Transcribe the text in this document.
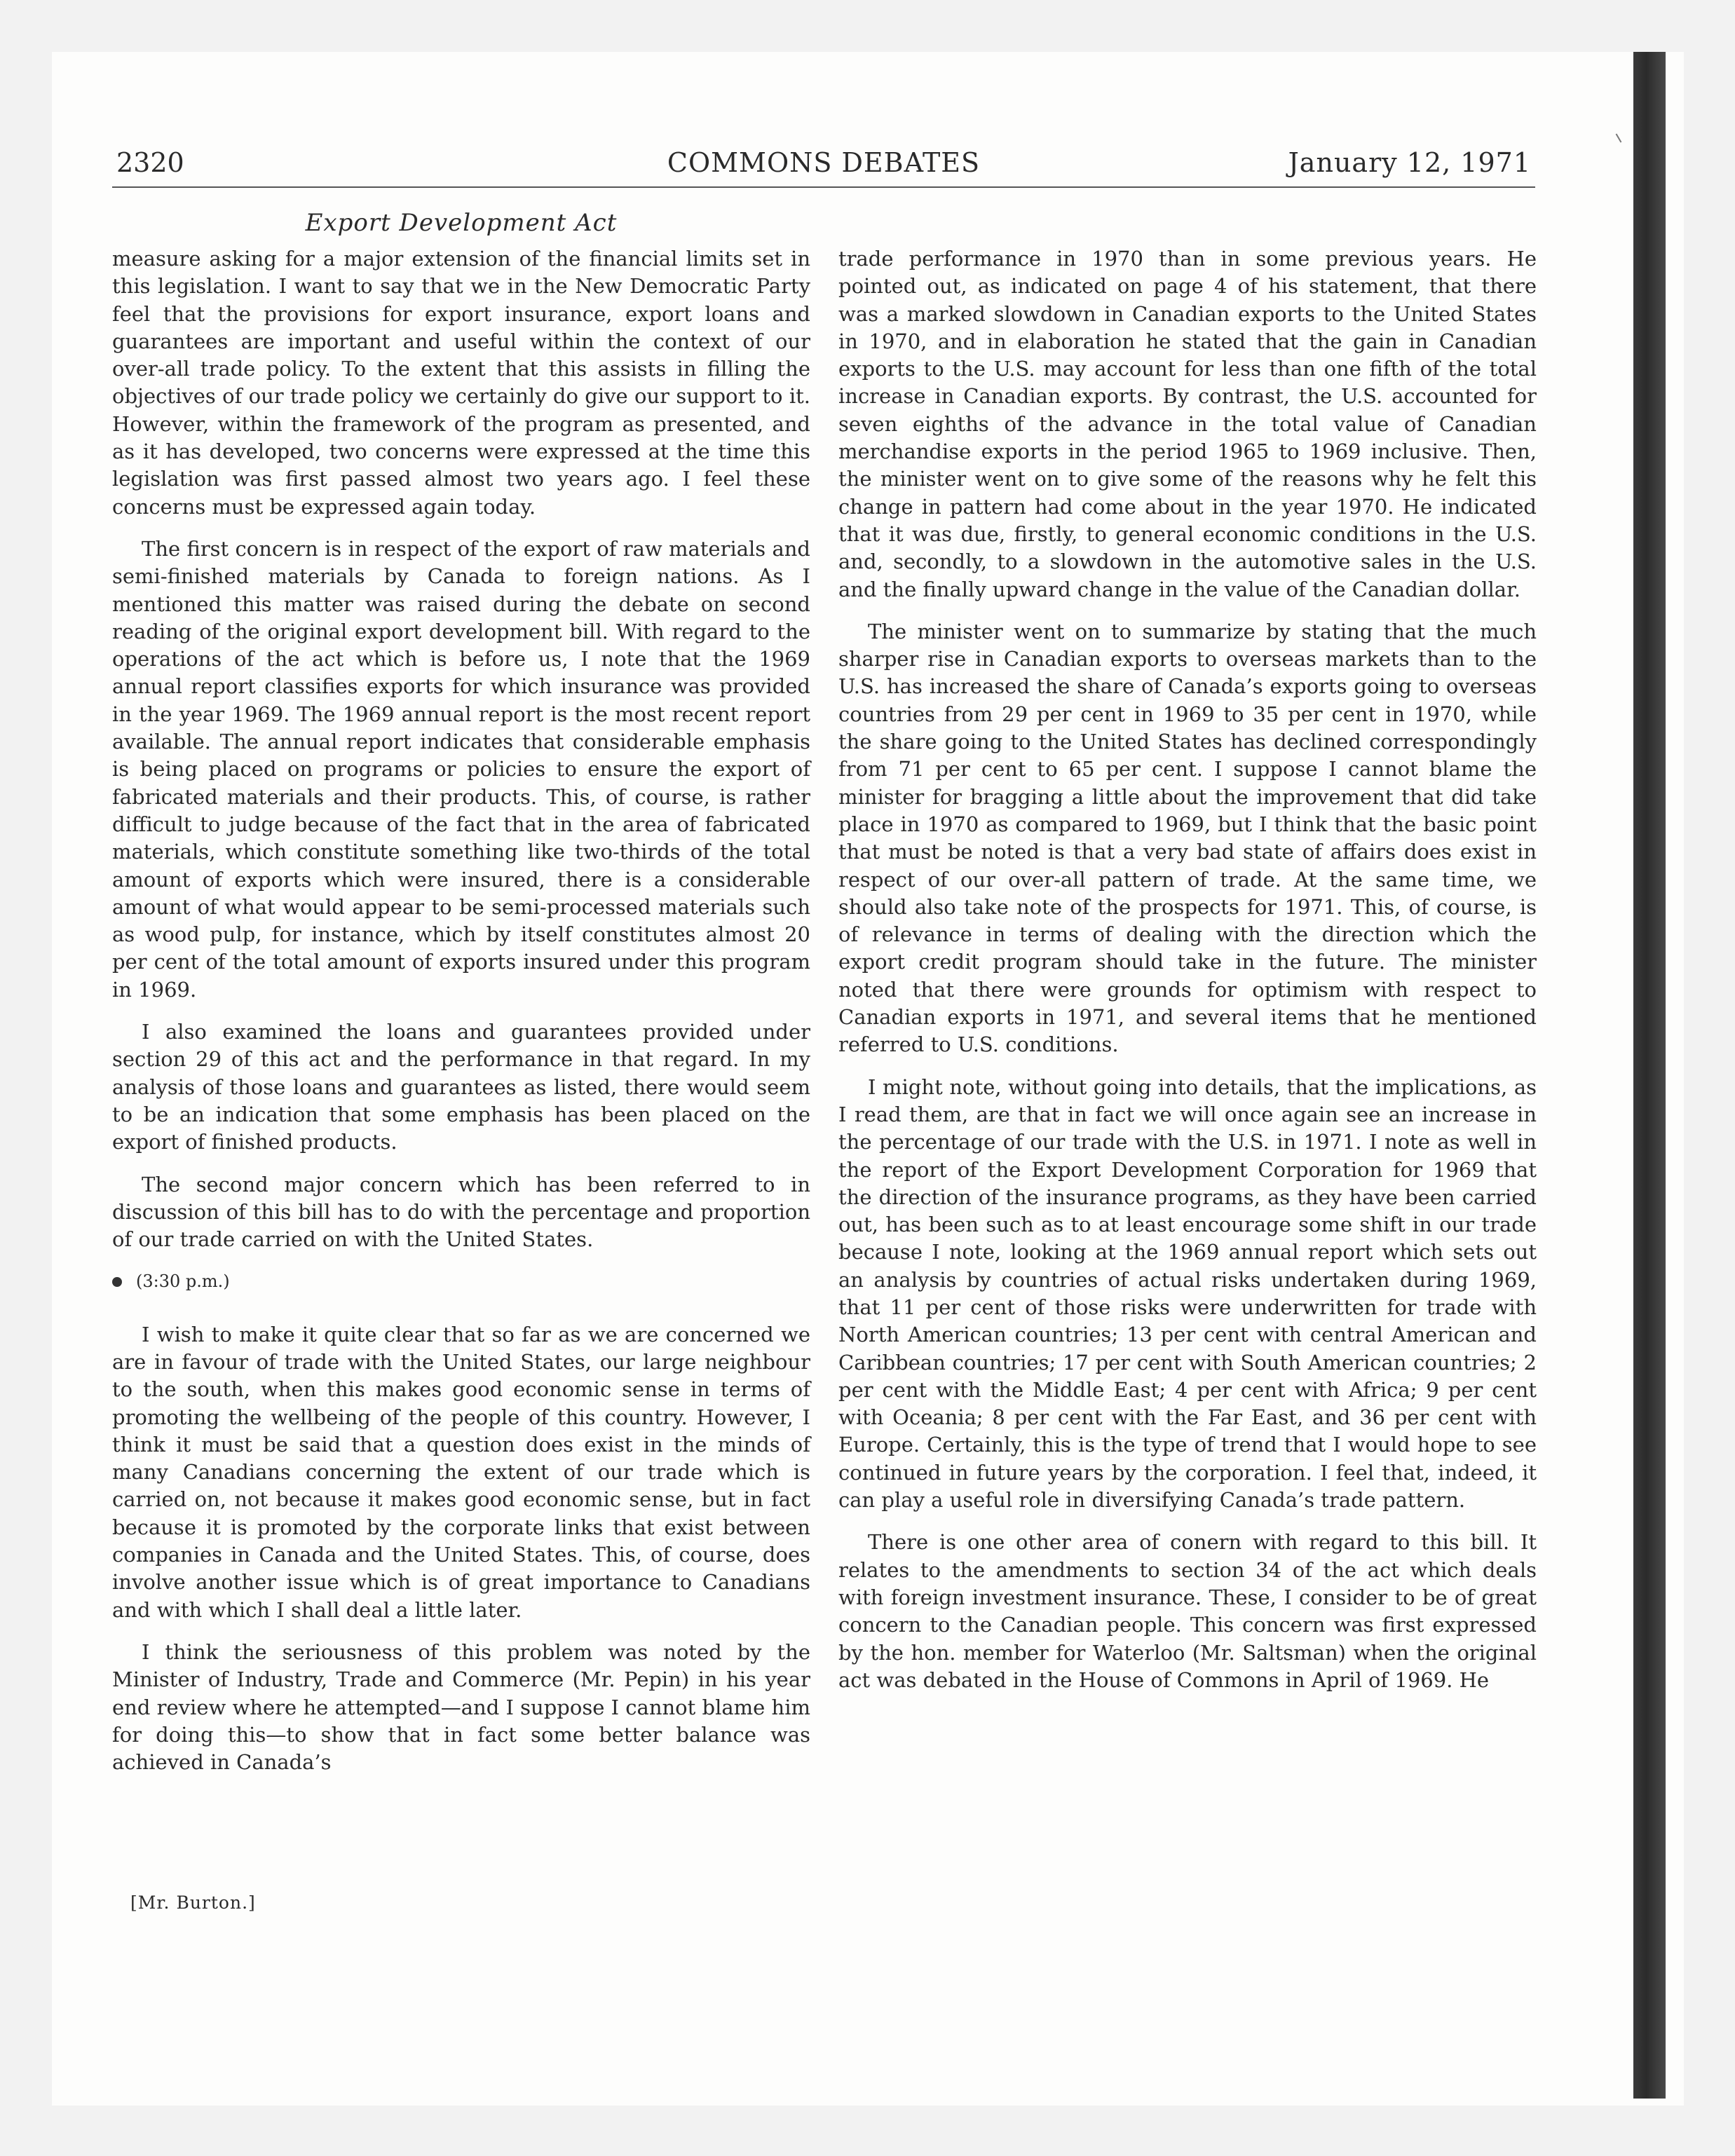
2320	COMMONS DEBATES	January 12, 1971
Export Development Act

measure asking for a major extension of the financial limits set in this legislation. I want to say that we in the New Democratic Party feel that the provisions for export insurance, export loans and guarantees are important and useful within the context of our over-all trade policy. To the extent that this assists in filling the objectives of our trade policy we certainly do give our support to it. However, within the framework of the program as presented, and as it has developed, two concerns were expressed at the time this legislation was first passed almost two years ago. I feel these concerns must be expressed again today.

The first concern is in respect of the export of raw materials and semi-finished materials by Canada to foreign nations. As I mentioned this matter was raised during the debate on second reading of the original export development bill. With regard to the operations of the act which is before us, I note that the 1969 annual report classifies exports for which insurance was provided in the year 1969. The 1969 annual report is the most recent report available. The annual report indicates that considerable emphasis is being placed on programs or policies to ensure the export of fabricated materials and their products. This, of course, is rather difficult to judge because of the fact that in the area of fabricated materials, which constitute something like two-thirds of the total amount of exports which were insured, there is a considerable amount of what would appear to be semi-processed materials such as wood pulp, for instance, which by itself constitutes almost 20 per cent of the total amount of exports insured under this program in 1969.

I also examined the loans and guarantees provided under section 29 of this act and the performance in that regard. In my analysis of those loans and guarantees as listed, there would seem to be an indication that some emphasis has been placed on the export of finished products.

The second major concern which has been referred to in discussion of this bill has to do with the percentage and proportion of our trade carried on with the United States.

(3:30 p.m.)

I wish to make it quite clear that so far as we are concerned we are in favour of trade with the United States, our large neighbour to the south, when this makes good economic sense in terms of promoting the wellbeing of the people of this country. However, I think it must be said that a question does exist in the minds of many Canadians concerning the extent of our trade which is carried on, not because it makes good economic sense, but in fact because it is promoted by the corporate links that exist between companies in Canada and the United States. This, of course, does involve another issue which is of great importance to Canadians and with which I shall deal a little later.

I think the seriousness of this problem was noted by the Minister of Industry, Trade and Commerce (Mr. Pepin) in his year end review where he attempted—and I suppose I cannot blame him for doing this—to show that in fact some better balance was achieved in Canada’s

trade performance in 1970 than in some previous years. He pointed out, as indicated on page 4 of his statement, that there was a marked slowdown in Canadian exports to the United States in 1970, and in elaboration he stated that the gain in Canadian exports to the U.S. may account for less than one fifth of the total increase in Canadian exports. By contrast, the U.S. accounted for seven eighths of the advance in the total value of Canadian merchandise exports in the period 1965 to 1969 inclusive. Then, the minister went on to give some of the reasons why he felt this change in pattern had come about in the year 1970. He indicated that it was due, firstly, to general economic conditions in the U.S. and, secondly, to a slowdown in the automotive sales in the U.S. and the finally upward change in the value of the Canadian dollar.

The minister went on to summarize by stating that the much sharper rise in Canadian exports to overseas markets than to the U.S. has increased the share of Canada’s exports going to overseas countries from 29 per cent in 1969 to 35 per cent in 1970, while the share going to the United States has declined correspondingly from 71 per cent to 65 per cent. I suppose I cannot blame the minister for bragging a little about the improvement that did take place in 1970 as compared to 1969, but I think that the basic point that must be noted is that a very bad state of affairs does exist in respect of our over-all pattern of trade. At the same time, we should also take note of the prospects for 1971. This, of course, is of relevance in terms of dealing with the direction which the export credit program should take in the future. The minister noted that there were grounds for optimism with respect to Canadian exports in 1971, and several items that he mentioned referred to U.S. conditions.

I might note, without going into details, that the implications, as I read them, are that in fact we will once again see an increase in the percentage of our trade with the U.S. in 1971. I note as well in the report of the Export Development Corporation for 1969 that the direction of the insurance programs, as they have been carried out, has been such as to at least encourage some shift in our trade because I note, looking at the 1969 annual report which sets out an analysis by countries of actual risks undertaken during 1969, that 11 per cent of those risks were underwritten for trade with North American countries; 13 per cent with central American and Caribbean countries; 17 per cent with South American countries; 2 per cent with the Middle East; 4 per cent with Africa; 9 per cent with Oceania; 8 per cent with the Far East, and 36 per cent with Europe. Certainly, this is the type of trend that I would hope to see continued in future years by the corporation. I feel that, indeed, it can play a useful role in diversifying Canada’s trade pattern.

There is one other area of conern with regard to this bill. It relates to the amendments to section 34 of the act which deals with foreign investment insurance. These, I consider to be of great concern to the Canadian people. This concern was first expressed by the hon. member for Waterloo (Mr. Saltsman) when the original act was debated in the House of Commons in April of 1969. He

[Mr. Burton.]
